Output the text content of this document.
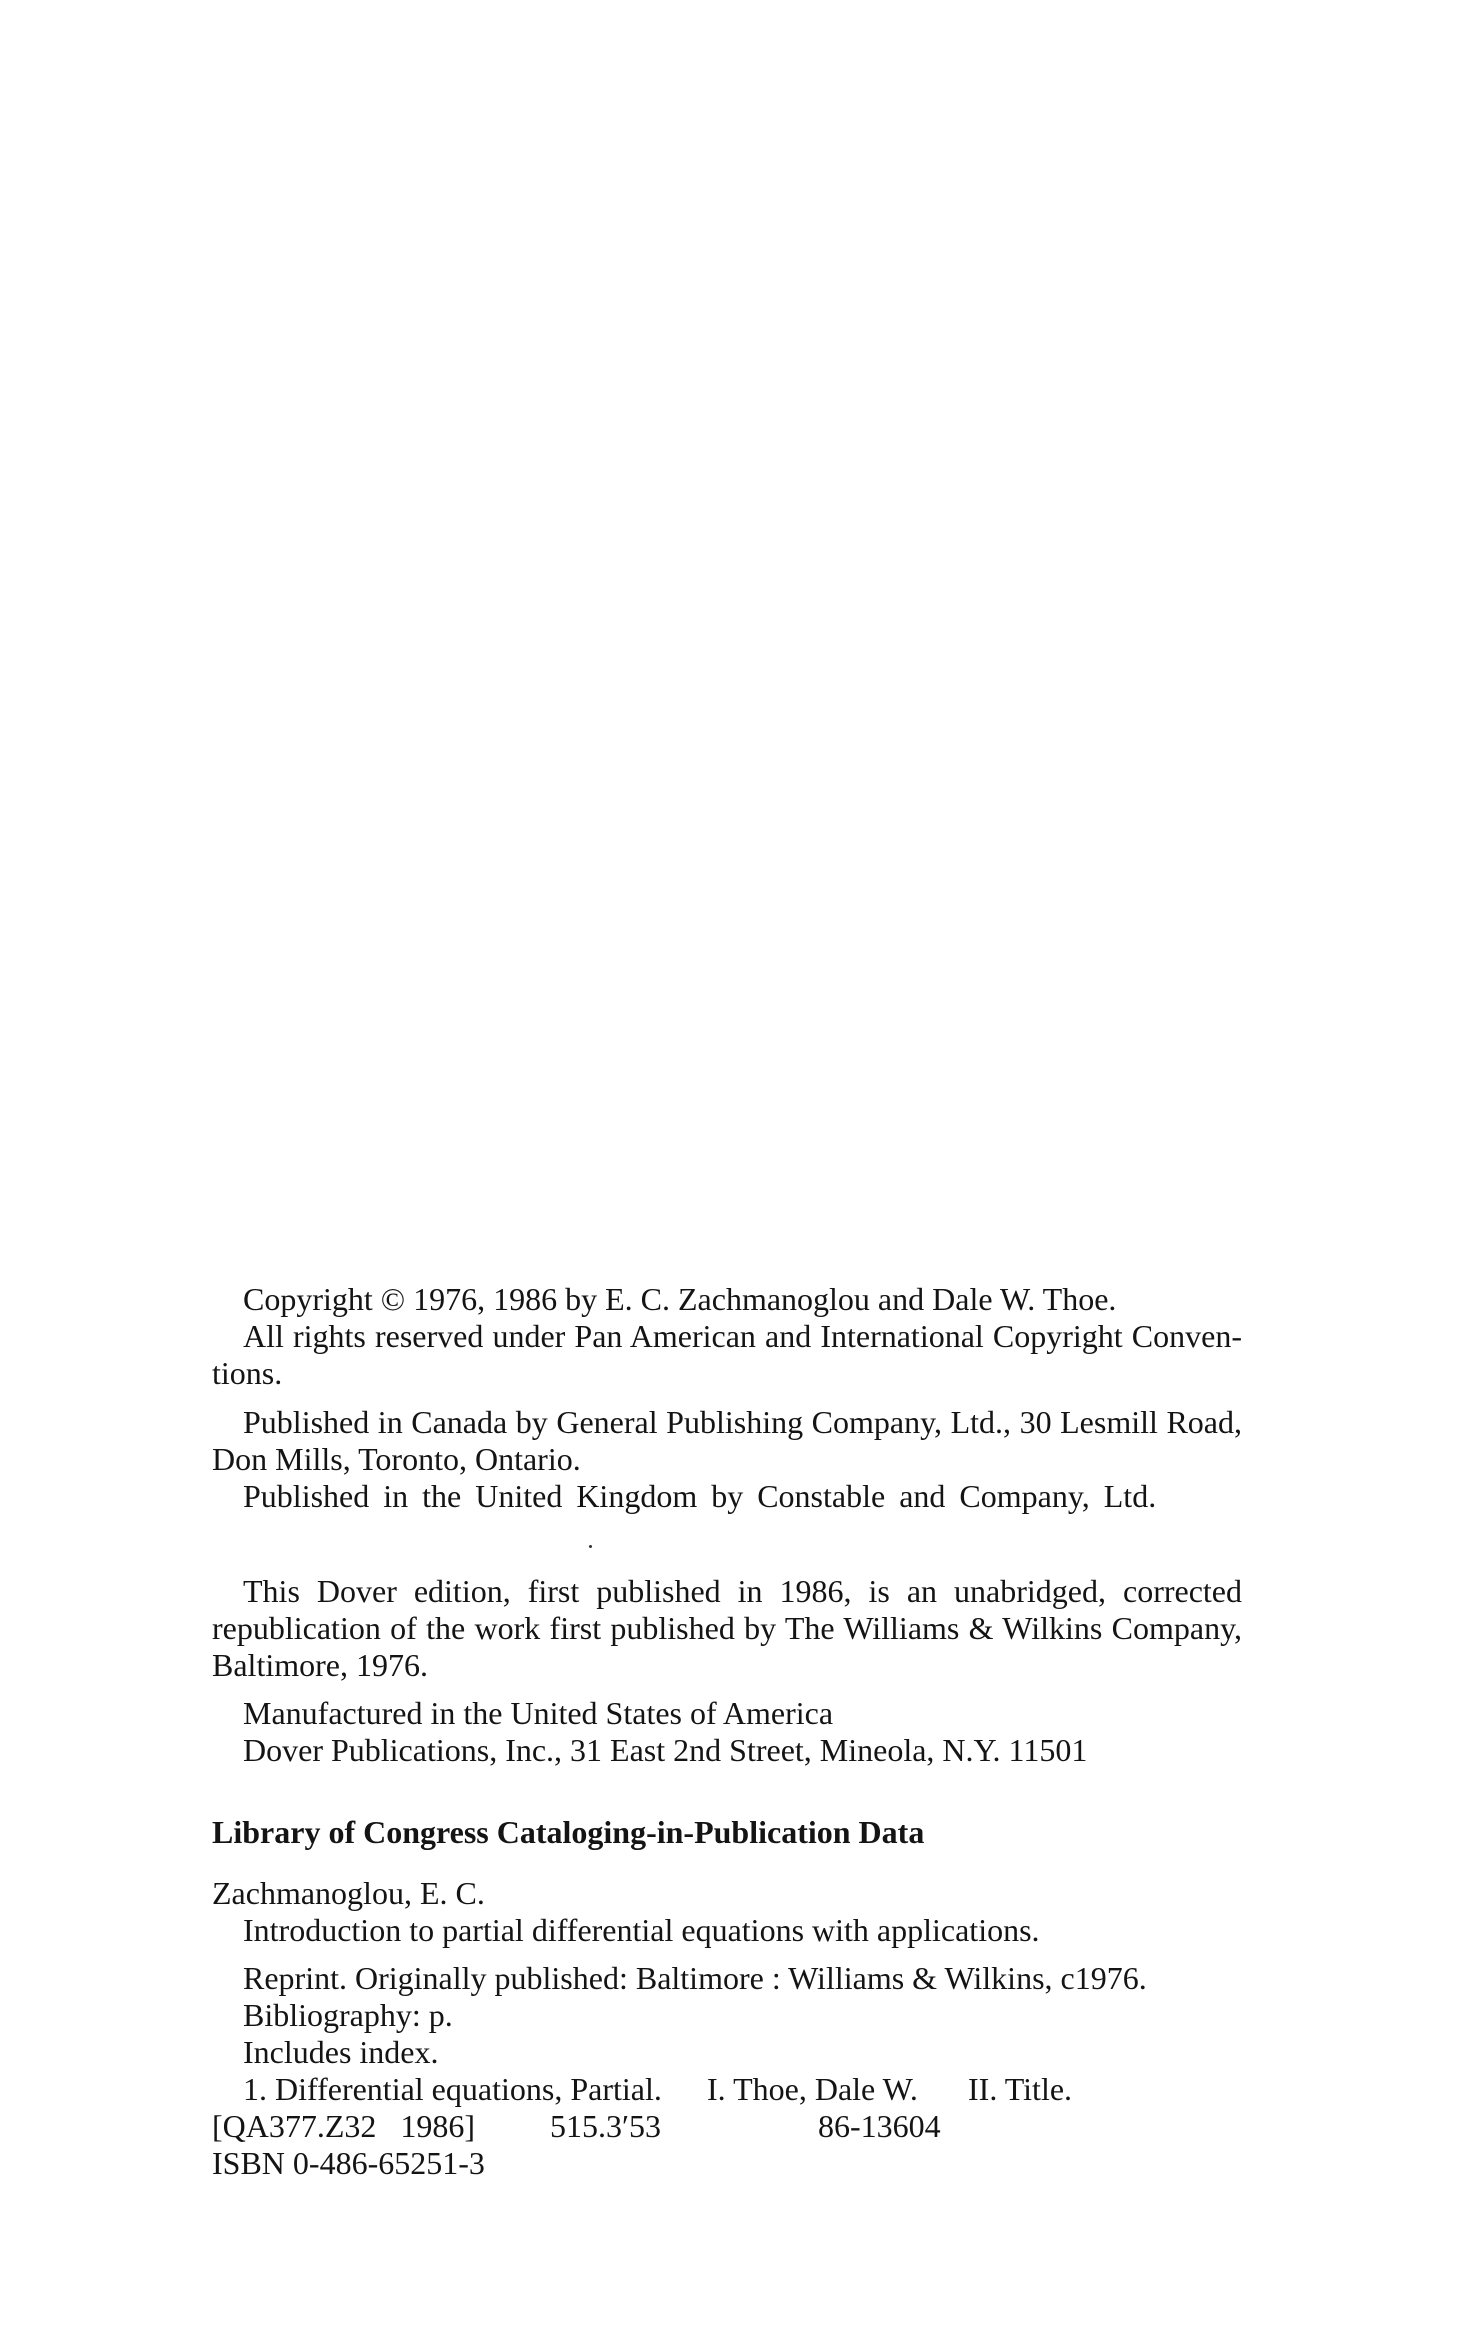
Copyright © 1976, 1986 by E. C. Zachmanoglou and Dale W. Thoe.
All rights reserved under Pan American and International Copyright Conven-
tions.
Published in Canada by General Publishing Company, Ltd., 30 Lesmill Road,
Don Mills, Toronto, Ontario.
Published in the United Kingdom by Constable and Company, Ltd.
This Dover edition, first published in 1986, is an unabridged, corrected
republication of the work first published by The Williams & Wilkins Company,
Baltimore, 1976.
Manufactured in the United States of America
Dover Publications, Inc., 31 East 2nd Street, Mineola, N.Y. 11501
Library of Congress Cataloging-in-Publication Data
Zachmanoglou, E. C.
Introduction to partial differential equations with applications.
Reprint. Originally published: Baltimore : Williams & Wilkins, c1976.
Bibliography: p.
Includes index.
1. Differential equations, Partial. I. Thoe, Dale W. II. Title.
[QA377.Z32   1986] 515.3′53	86-13604
ISBN 0-486-65251-3
